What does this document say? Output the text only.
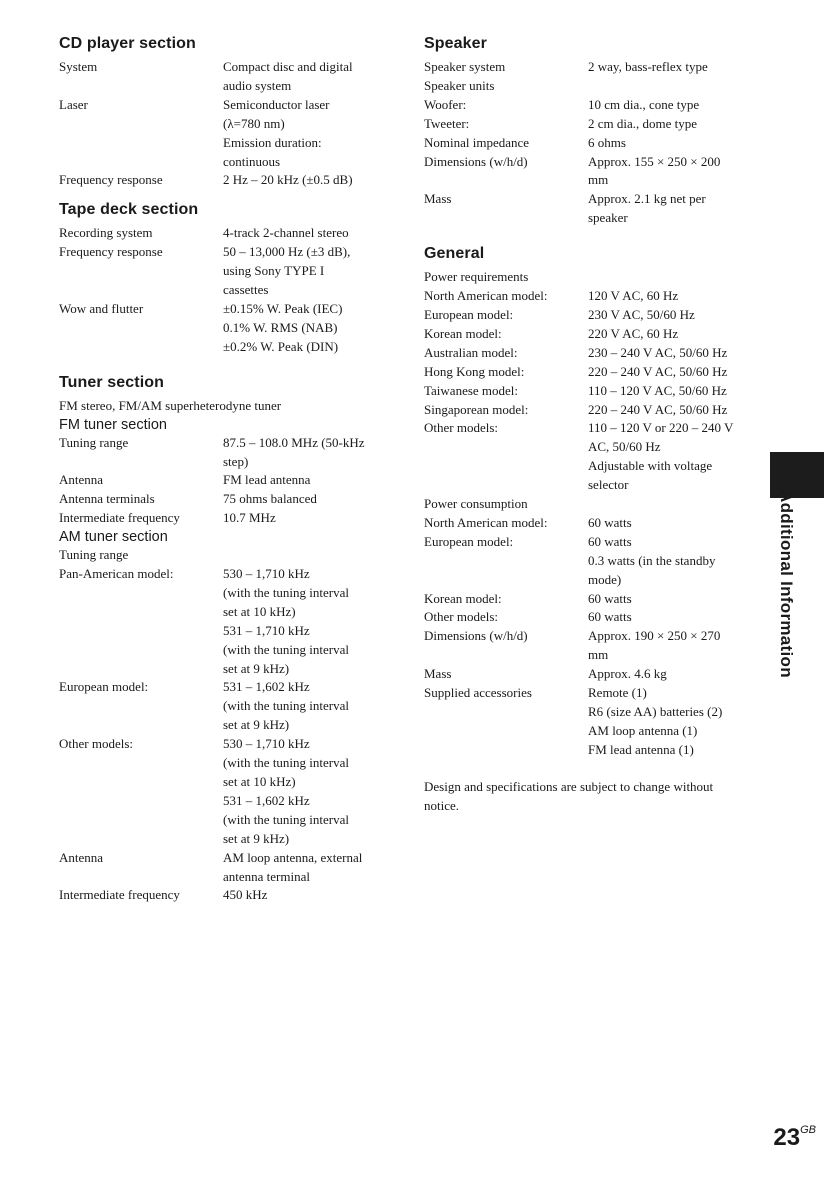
CD player section
System	Compact disc and digital
audio system
Laser	Semiconductor laser
(λ=780 nm)
Emission duration:
continuous
Frequency response	2 Hz – 20 kHz (±0.5 dB)
Tape deck section
Recording system	4-track 2-channel stereo
Frequency response	50 – 13,000 Hz (±3 dB),
using Sony TYPE I
cassettes
Wow and flutter	±0.15% W. Peak (IEC)
0.1% W. RMS (NAB)
±0.2% W. Peak (DIN)
Tuner section

FM stereo, FM/AM superheterodyne tuner

FM tuner section
Tuning range	87.5 – 108.0 MHz (50-kHz
step)
Antenna	FM lead antenna
Antenna terminals	75 ohms balanced
Intermediate frequency	10.7 MHz
AM tuner section
Tuning range
Pan-American model:	530 – 1,710 kHz
(with the tuning interval
set at 10 kHz)
531 – 1,710 kHz
(with the tuning interval
set at 9 kHz)
European model:	531 – 1,602 kHz
(with the tuning interval
set at 9 kHz)
Other models:	530 – 1,710 kHz
(with the tuning interval
set at 10 kHz)
531 – 1,602 kHz
(with the tuning interval
set at 9 kHz)
Antenna	AM loop antenna, external
antenna terminal
Intermediate frequency	450 kHz
Speaker
Speaker system	2 way, bass-reflex type
Speaker units
Woofer:	10 cm dia., cone type
Tweeter:	2 cm dia., dome type
Nominal impedance	6 ohms
Dimensions (w/h/d)	Approx. 155 × 250 × 200
mm
Mass	Approx. 2.1 kg net per
speaker
General

Power requirements

North American model:	120 V AC, 60 Hz
European model:	230 V AC, 50/60 Hz
Korean model:	220 V AC, 60 Hz
Australian model:	230 – 240 V AC, 50/60 Hz
Hong Kong model:	220 – 240 V AC, 50/60 Hz
Taiwanese model:	110 – 120 V AC, 50/60 Hz
Singaporean model:	220 – 240 V AC, 50/60 Hz
Other models:	110 – 120 V or 220 – 240 V
AC, 50/60 Hz
Adjustable with voltage
selector

Power consumption

North American model:	60 watts
European model:	60 watts
0.3 watts (in the standby
mode)
Korean model:	60 watts
Other models:	60 watts
Dimensions (w/h/d)	Approx. 190 × 250 × 270
mm
Mass	Approx. 4.6 kg
Supplied accessories	Remote (1)
R6 (size AA) batteries (2)
AM loop antenna (1)
FM lead antenna (1)

Design and specifications are subject to change without notice.

Additional Information
$23^{GB}$
